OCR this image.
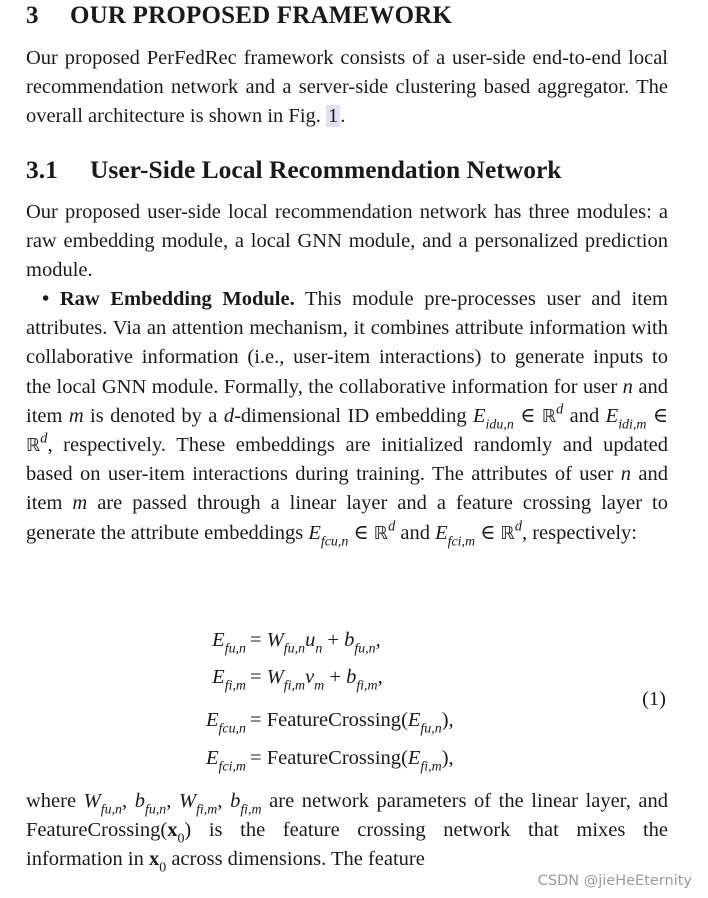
3 OUR PROPOSED FRAMEWORK

Our proposed PerFedRec framework consists of a user-side end-to-end local recommendation network and a server-side clustering based aggregator. The overall architecture is shown in Fig. 1.

3.1 User-Side Local Recommendation Network

Our proposed user-side local recommendation network has three modules: a raw embedding module, a local GNN module, and a personalized prediction module.

• Raw Embedding Module. This module pre-processes user and item attributes. Via an attention mechanism, it combines attribute information with collaborative information (i.e., user-item interactions) to generate inputs to the local GNN module. Formally, the collaborative information for user n and item m is denoted by a d-dimensional ID embedding $E_{idu,n}$ ∈ ℝ$^d$ and $E_{idi,m}$ ∈ ℝ$^d$, respectively. These embeddings are initialized randomly and updated based on user-item interactions during training. The attributes of user n and item m are passed through a linear layer and a feature crossing layer to generate the attribute embeddings $E_{fcu,n}$ ∈ ℝ$^d$ and $E_{fci,m}$ ∈ ℝ$^d$, respectively:

$E_{fu,n} = W_{fu,n}u_n + b_{fu,n}$,
$E_{fi,m} = W_{fi,m}v_m + b_{fi,m}$,
$E_{fcu,n}$ = $FeatureCrossing(E_{fu,n})$,
$E_{fci,m}$ = $FeatureCrossing(E_{fi,m})$,
(1)

where $W_{fu,n}$, $b_{fu,n}$, $W_{fi,m}$, $b_{fi,m}$ are network parameters of the linear layer, and $FeatureCrossing(x_0)$ is the feature crossing network that mixes the information in $x_0$ across dimensions. The feature

CSDN @jieHeEternity
